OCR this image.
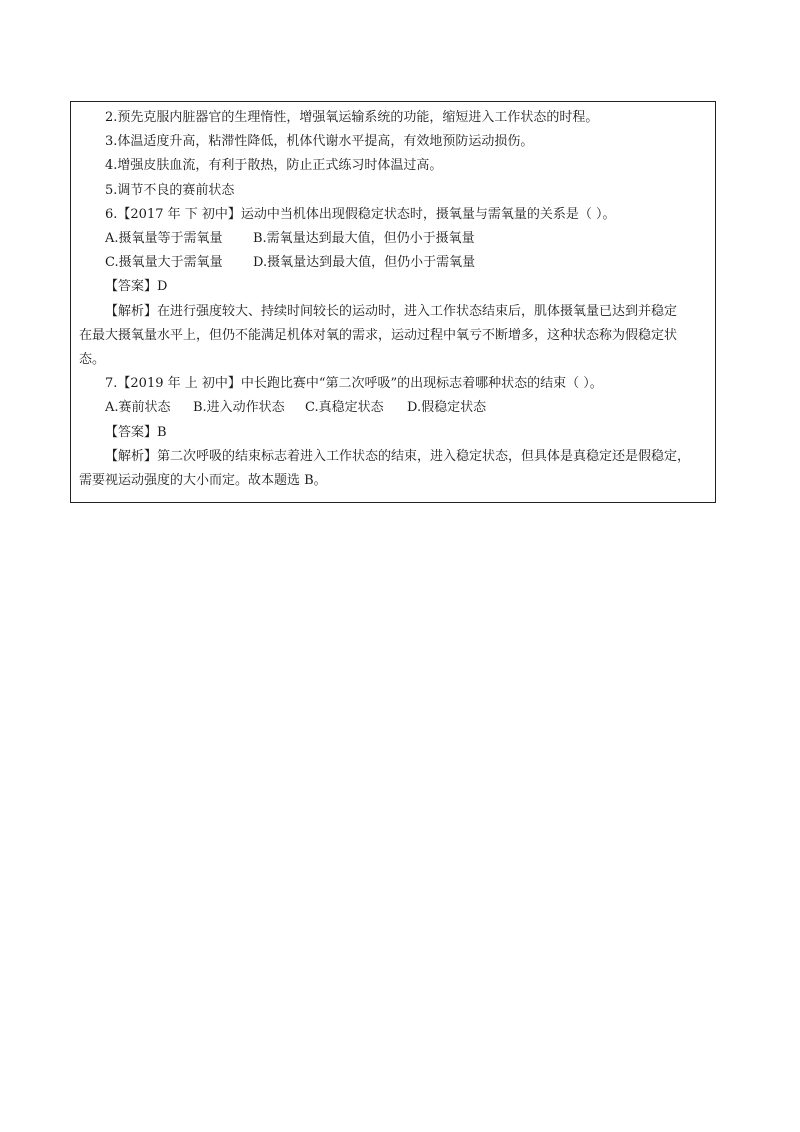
2.预先克服内脏器官的生理惰性，增强氧运输系统的功能，缩短进入工作状态的时程。
3.体温适度升高，粘滞性降低，机体代谢水平提高，有效地预防运动损伤。
4.增强皮肤血流，有利于散热，防止正式练习时体温过高。
5.调节不良的赛前状态
6.【2017 年 下 初中】运动中当机体出现假稳定状态时，摄氧量与需氧量的关系是（ ）。
A.摄氧量等于需氧量 B.需氧量达到最大值，但仍小于摄氧量
C.摄氧量大于需氧量 D.摄氧量达到最大值，但仍小于需氧量
【答案】D
【解析】在进行强度较大、持续时间较长的运动时，进入工作状态结束后，肌体摄氧量已达到并稳定
在最大摄氧量水平上，但仍不能满足机体对氧的需求，运动过程中氧亏不断增多，这种状态称为假稳定状
态。
7.【2019 年 上 初中】中长跑比赛中“第二次呼吸”的出现标志着哪种状态的结束（ ）。
A.赛前状态 B.进入动作状态 C.真稳定状态 D.假稳定状态
【答案】B
【解析】第二次呼吸的结束标志着进入工作状态的结束，进入稳定状态，但具体是真稳定还是假稳定，
需要视运动强度的大小而定。故本题选 B。
